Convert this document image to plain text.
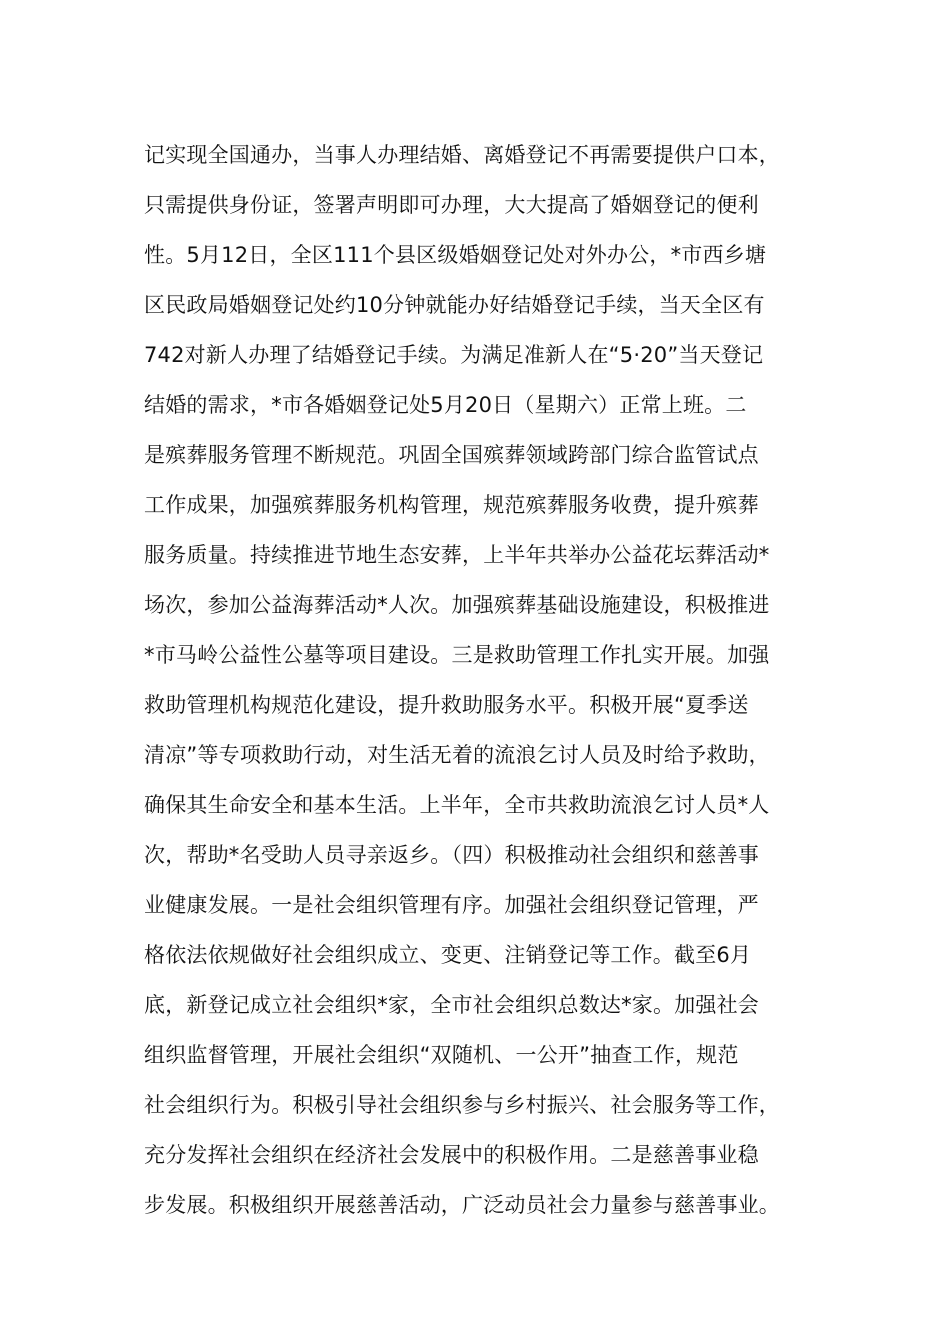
记实现全国通办，当事人办理结婚、离婚登记不再需要提供户口本，
只需提供身份证，签署声明即可办理，大大提高了婚姻登记的便利
性。5月12日，全区111个县区级婚姻登记处对外办公，*市西乡塘
区民政局婚姻登记处约10分钟就能办好结婚登记手续，当天全区有
742对新人办理了结婚登记手续。为满足准新人在“5·20”当天登记
结婚的需求，*市各婚姻登记处5月20日（星期六）正常上班。二
是殡葬服务管理不断规范。巩固全国殡葬领域跨部门综合监管试点
工作成果，加强殡葬服务机构管理，规范殡葬服务收费，提升殡葬
服务质量。持续推进节地生态安葬，上半年共举办公益花坛葬活动*
场次，参加公益海葬活动*人次。加强殡葬基础设施建设，积极推进
*市马岭公益性公墓等项目建设。三是救助管理工作扎实开展。加强
救助管理机构规范化建设，提升救助服务水平。积极开展“夏季送
清凉”等专项救助行动，对生活无着的流浪乞讨人员及时给予救助，
确保其生命安全和基本生活。上半年，全市共救助流浪乞讨人员*人
次，帮助*名受助人员寻亲返乡。（四）积极推动社会组织和慈善事
业健康发展。一是社会组织管理有序。加强社会组织登记管理，严
格依法依规做好社会组织成立、变更、注销登记等工作。截至6月
底，新登记成立社会组织*家，全市社会组织总数达*家。加强社会
组织监督管理，开展社会组织“双随机、一公开”抽查工作，规范
社会组织行为。积极引导社会组织参与乡村振兴、社会服务等工作，
充分发挥社会组织在经济社会发展中的积极作用。二是慈善事业稳
步发展。积极组织开展慈善活动，广泛动员社会力量参与慈善事业。
